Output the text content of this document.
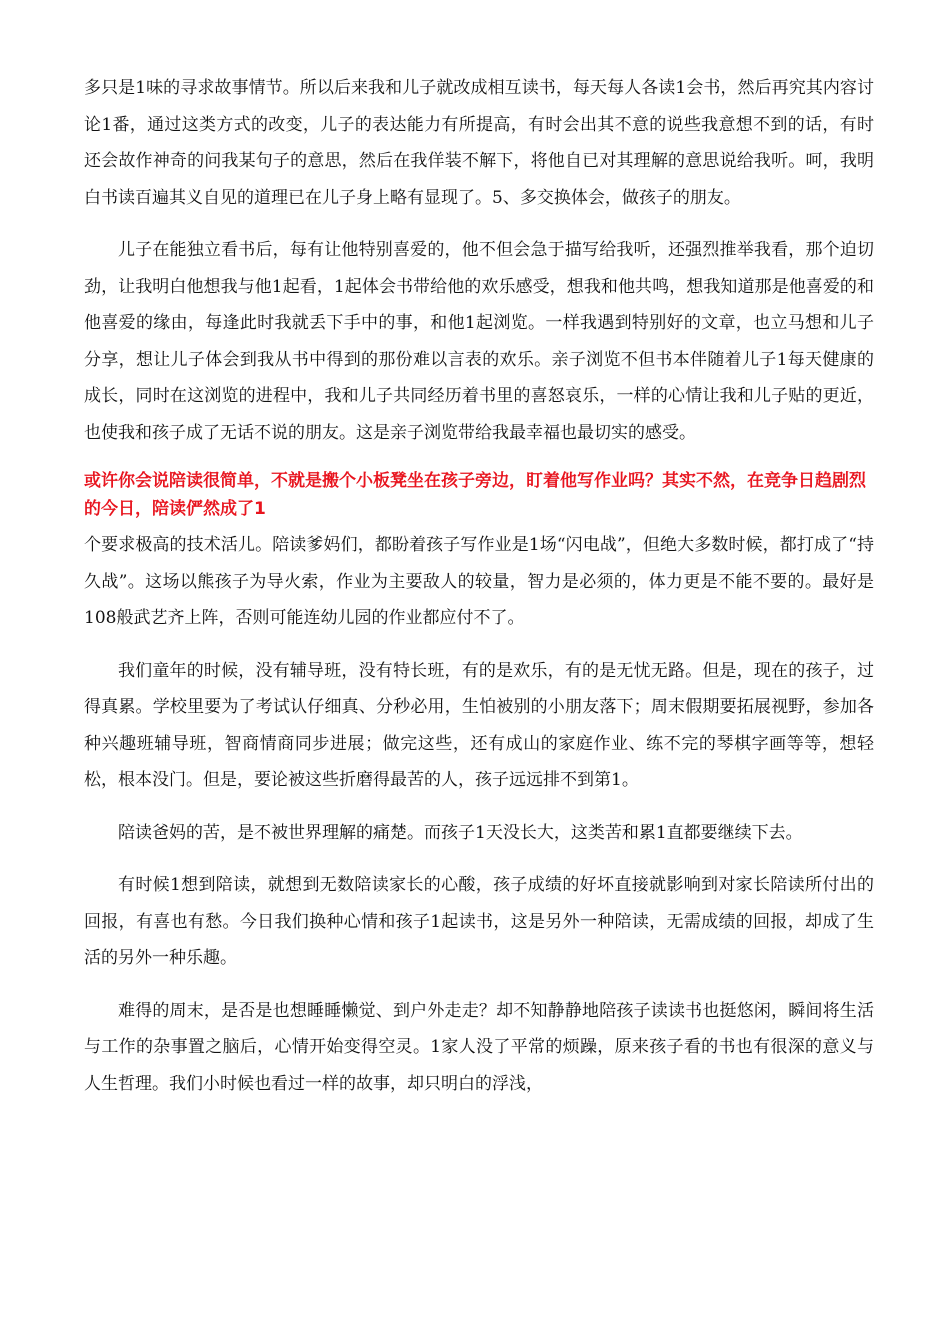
多只是1味的寻求故事情节。所以后来我和儿子就改成相互读书，每天每人各读1会书，然后再究其内容讨论1番，通过这类方式的改变，儿子的表达能力有所提高，有时会出其不意的说些我意想不到的话，有时还会故作神奇的问我某句子的意思，然后在我佯装不解下，将他自已对其理解的意思说给我听。呵，我明白书读百遍其义自见的道理已在儿子身上略有显现了。5、多交换体会，做孩子的朋友。

儿子在能独立看书后，每有让他特别喜爱的，他不但会急于描写给我听，还强烈推举我看，那个迫切劲，让我明白他想我与他1起看，1起体会书带给他的欢乐感受，想我和他共鸣，想我知道那是他喜爱的和他喜爱的缘由，每逢此时我就丢下手中的事，和他1起浏览。一样我遇到特别好的文章，也立马想和儿子分享，想让儿子体会到我从书中得到的那份难以言表的欢乐。亲子浏览不但书本伴随着儿子1每天健康的成长，同时在这浏览的进程中，我和儿子共同经历着书里的喜怒哀乐，一样的心情让我和儿子贴的更近，也使我和孩子成了无话不说的朋友。这是亲子浏览带给我最幸福也最切实的感受。

或许你会说陪读很简单，不就是搬个小板凳坐在孩子旁边，盯着他写作业吗？其实不然，在竞争日趋剧烈的今日，陪读俨然成了1

个要求极高的技术活儿。陪读爹妈们，都盼着孩子写作业是1场“闪电战”，但绝大多数时候，都打成了“持久战”。这场以熊孩子为导火索，作业为主要敌人的较量，智力是必须的，体力更是不能不要的。最好是108般武艺齐上阵，否则可能连幼儿园的作业都应付不了。

我们童年的时候，没有辅导班，没有特长班，有的是欢乐，有的是无忧无路。但是，现在的孩子，过得真累。学校里要为了考试认仔细真、分秒必用，生怕被别的小朋友落下；周末假期要拓展视野，参加各种兴趣班辅导班，智商情商同步进展；做完这些，还有成山的家庭作业、练不完的琴棋字画等等，想轻松，根本没门。但是，要论被这些折磨得最苦的人，孩子远远排不到第1。

陪读爸妈的苦，是不被世界理解的痛楚。而孩子1天没长大，这类苦和累1直都要继续下去。

有时候1想到陪读，就想到无数陪读家长的心酸，孩子成绩的好坏直接就影响到对家长陪读所付出的回报，有喜也有愁。今日我们换种心情和孩子1起读书，这是另外一种陪读，无需成绩的回报，却成了生活的另外一种乐趣。

难得的周末，是否是也想睡睡懒觉、到户外走走？却不知静静地陪孩子读读书也挺悠闲，瞬间将生活与工作的杂事置之脑后，心情开始变得空灵。1家人没了平常的烦躁，原来孩子看的书也有很深的意义与人生哲理。我们小时候也看过一样的故事，却只明白的浮浅，
